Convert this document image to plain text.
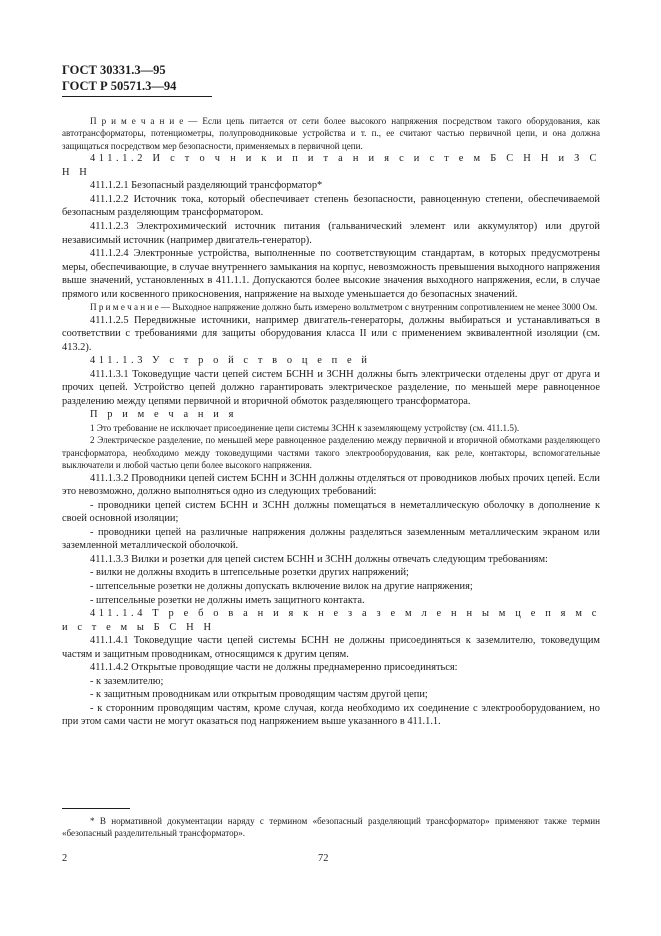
ГОСТ 30331.3—95

ГОСТ Р 50571.3—94

П р и м е ч а н и е — Если цепь питается от сети более высокого напряжения посредством такого оборудования, как автотрансформаторы, потенциометры, полупроводниковые устройства и т. п., ее считают частью первичной цепи, и она должна защищаться посредством мер безопасности, применяемых в первичной цепи.

411.1.2 И с т о ч н и к и п и т а н и я с и с т е м Б С Н Н и З С Н Н

411.1.2.1 Безопасный разделяющий трансформатор*

411.1.2.2 Источник тока, который обеспечивает степень безопасности, равноценную степени, обеспечиваемой безопасным разделяющим трансформатором.

411.1.2.3 Электрохимический источник питания (гальванический элемент или аккумулятор) или другой независимый источник (например двигатель-генератор).

411.1.2.4 Электронные устройства, выполненные по соответствующим стандартам, в которых предусмотрены меры, обеспечивающие, в случае внутреннего замыкания на корпус, невозможность превышения выходного напряжения выше значений, установленных в 411.1.1. Допускаются более высокие значения выходного напряжения, если, в случае прямого или косвенного прикосновения, напряжение на выходе уменьшается до безопасных значений.

П р и м е ч а н и е — Выходное напряжение должно быть измерено вольтметром с внутренним сопротивлением не менее 3000 Ом.

411.1.2.5 Передвижные источники, например двигатель-генераторы, должны выбираться и устанавливаться в соответствии с требованиями для защиты оборудования класса II или с применением эквивалентной изоляции (см. 413.2).

411.1.3 У с т р о й с т в о ц е п е й

411.1.3.1 Токоведущие части цепей систем БСНН и ЗСНН должны быть электрически отделены друг от друга и прочих цепей. Устройство цепей должно гарантировать электрическое разделение, по меньшей мере равноценное разделению между цепями первичной и вторичной обмоток разделяющего трансформатора.

П р и м е ч а н и я

1 Это требование не исключает присоединение цепи системы ЗСНН к заземляющему устройству (см. 411.1.5).

2 Электрическое разделение, по меньшей мере равноценное разделению между первичной и вторичной обмотками разделяющего трансформатора, необходимо между токоведущими частями такого электрооборудования, как реле, контакторы, вспомогательные выключатели и любой частью цепи более высокого напряжения.

411.1.3.2 Проводники цепей систем БСНН и ЗСНН должны отделяться от проводников любых прочих цепей. Если это невозможно, должно выполняться одно из следующих требований:

- проводники цепей систем БСНН и ЗСНН должны помещаться в неметаллическую оболочку в дополнение к своей основной изоляции;

- проводники цепей на различные напряжения должны разделяться заземленным металлическим экраном или заземленной металлической оболочкой.

411.1.3.3 Вилки и розетки для цепей систем БСНН и ЗСНН должны отвечать следующим требованиям:

- вилки не должны входить в штепсельные розетки других напряжений;

- штепсельные розетки не должны допускать включение вилок на другие напряжения;

- штепсельные розетки не должны иметь защитного контакта.

411.1.4 Т р е б о в а н и я к н е з а з е м л е н н ы м ц е п я м с и с т е м ы Б С Н Н

411.1.4.1 Токоведущие части цепей системы БСНН не должны присоединяться к заземлителю, токоведущим частям и защитным проводникам, относящимся к другим цепям.

411.1.4.2 Открытые проводящие части не должны преднамеренно присоединяться:

- к заземлителю;

- к защитным проводникам или открытым проводящим частям другой цепи;

- к сторонним проводящим частям, кроме случая, когда необходимо их соединение с электрооборудованием, но при этом сами части не могут оказаться под напряжением выше указанного в 411.1.1.

* В нормативной документации наряду с термином «безопасный разделяющий трансформатор» применяют также термин «безопасный разделительный трансформатор».

2	72
